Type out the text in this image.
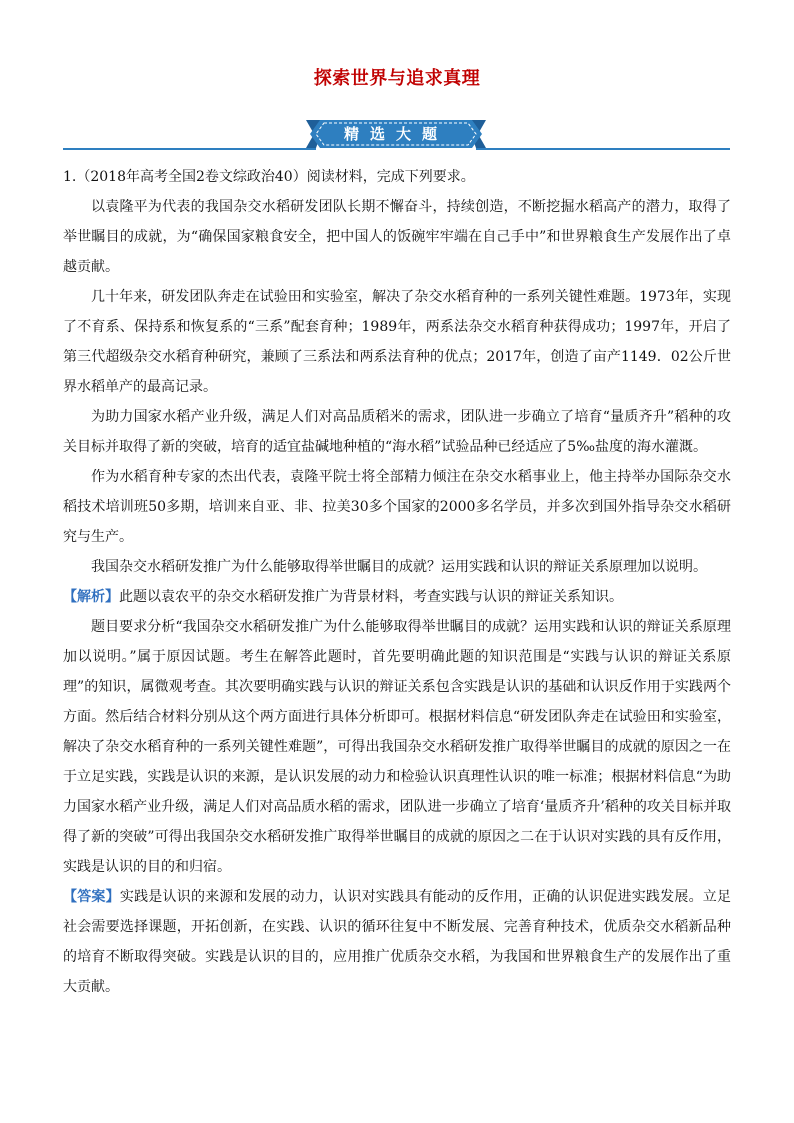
探索世界与追求真理
精选大题

1.（2018年高考全国2卷文综政治40）阅读材料，完成下列要求。

以袁隆平为代表的我国杂交水稻研发团队长期不懈奋斗，持续创造，不断挖掘水稻高产的潜力，取得了举世瞩目的成就，为“确保国家粮食安全，把中国人的饭碗牢牢端在自己手中”和世界粮食生产发展作出了卓越贡献。

几十年来，研发团队奔走在试验田和实验室，解决了杂交水稻育种的一系列关键性难题。1973年，实现了不育系、保持系和恢复系的“三系”配套育种；1989年，两系法杂交水稻育种获得成功；1997年，开启了第三代超级杂交水稻育种研究，兼顾了三系法和两系法育种的优点；2017年，创造了亩产1149．02公斤世界水稻单产的最高记录。

为助力国家水稻产业升级，满足人们对高品质稻米的需求，团队进一步确立了培育“量质齐升”稻种的攻关目标并取得了新的突破，培育的适宜盐碱地种植的“海水稻”试验品种已经适应了5‰盐度的海水灌溉。

作为水稻育种专家的杰出代表，袁隆平院士将全部精力倾注在杂交水稻事业上，他主持举办国际杂交水稻技术培训班50多期，培训来自亚、非、拉美30多个国家的2000多名学员，并多次到国外指导杂交水稻研究与生产。

我国杂交水稻研发推广为什么能够取得举世瞩目的成就？运用实践和认识的辩证关系原理加以说明。

【解析】此题以袁农平的杂交水稻研发推广为背景材料，考查实践与认识的辩证关系知识。

题目要求分析“我国杂交水稻研发推广为什么能够取得举世瞩目的成就？运用实践和认识的辩证关系原理加以说明。”属于原因试题。考生在解答此题时，首先要明确此题的知识范围是“实践与认识的辩证关系原理”的知识，属微观考查。其次要明确实践与认识的辩证关系包含实践是认识的基础和认识反作用于实践两个方面。然后结合材料分别从这个两方面进行具体分析即可。根据材料信息“研发团队奔走在试验田和实验室，解决了杂交水稻育种的一系列关键性难题”，可得出我国杂交水稻研发推广取得举世瞩目的成就的原因之一在于立足实践，实践是认识的来源，是认识发展的动力和检验认识真理性认识的唯一标准；根据材料信息“为助力国家水稻产业升级，满足人们对高品质水稻的需求，团队进一步确立了培育‘量质齐升’稻种的攻关目标并取得了新的突破”可得出我国杂交水稻研发推广取得举世瞩目的成就的原因之二在于认识对实践的具有反作用，实践是认识的目的和归宿。

【答案】实践是认识的来源和发展的动力，认识对实践具有能动的反作用，正确的认识促进实践发展。立足社会需要选择课题，开拓创新，在实践、认识的循环往复中不断发展、完善育种技术，优质杂交水稻新品种的培育不断取得突破。实践是认识的目的，应用推广优质杂交水稻，为我国和世界粮食生产的发展作出了重大贡献。
